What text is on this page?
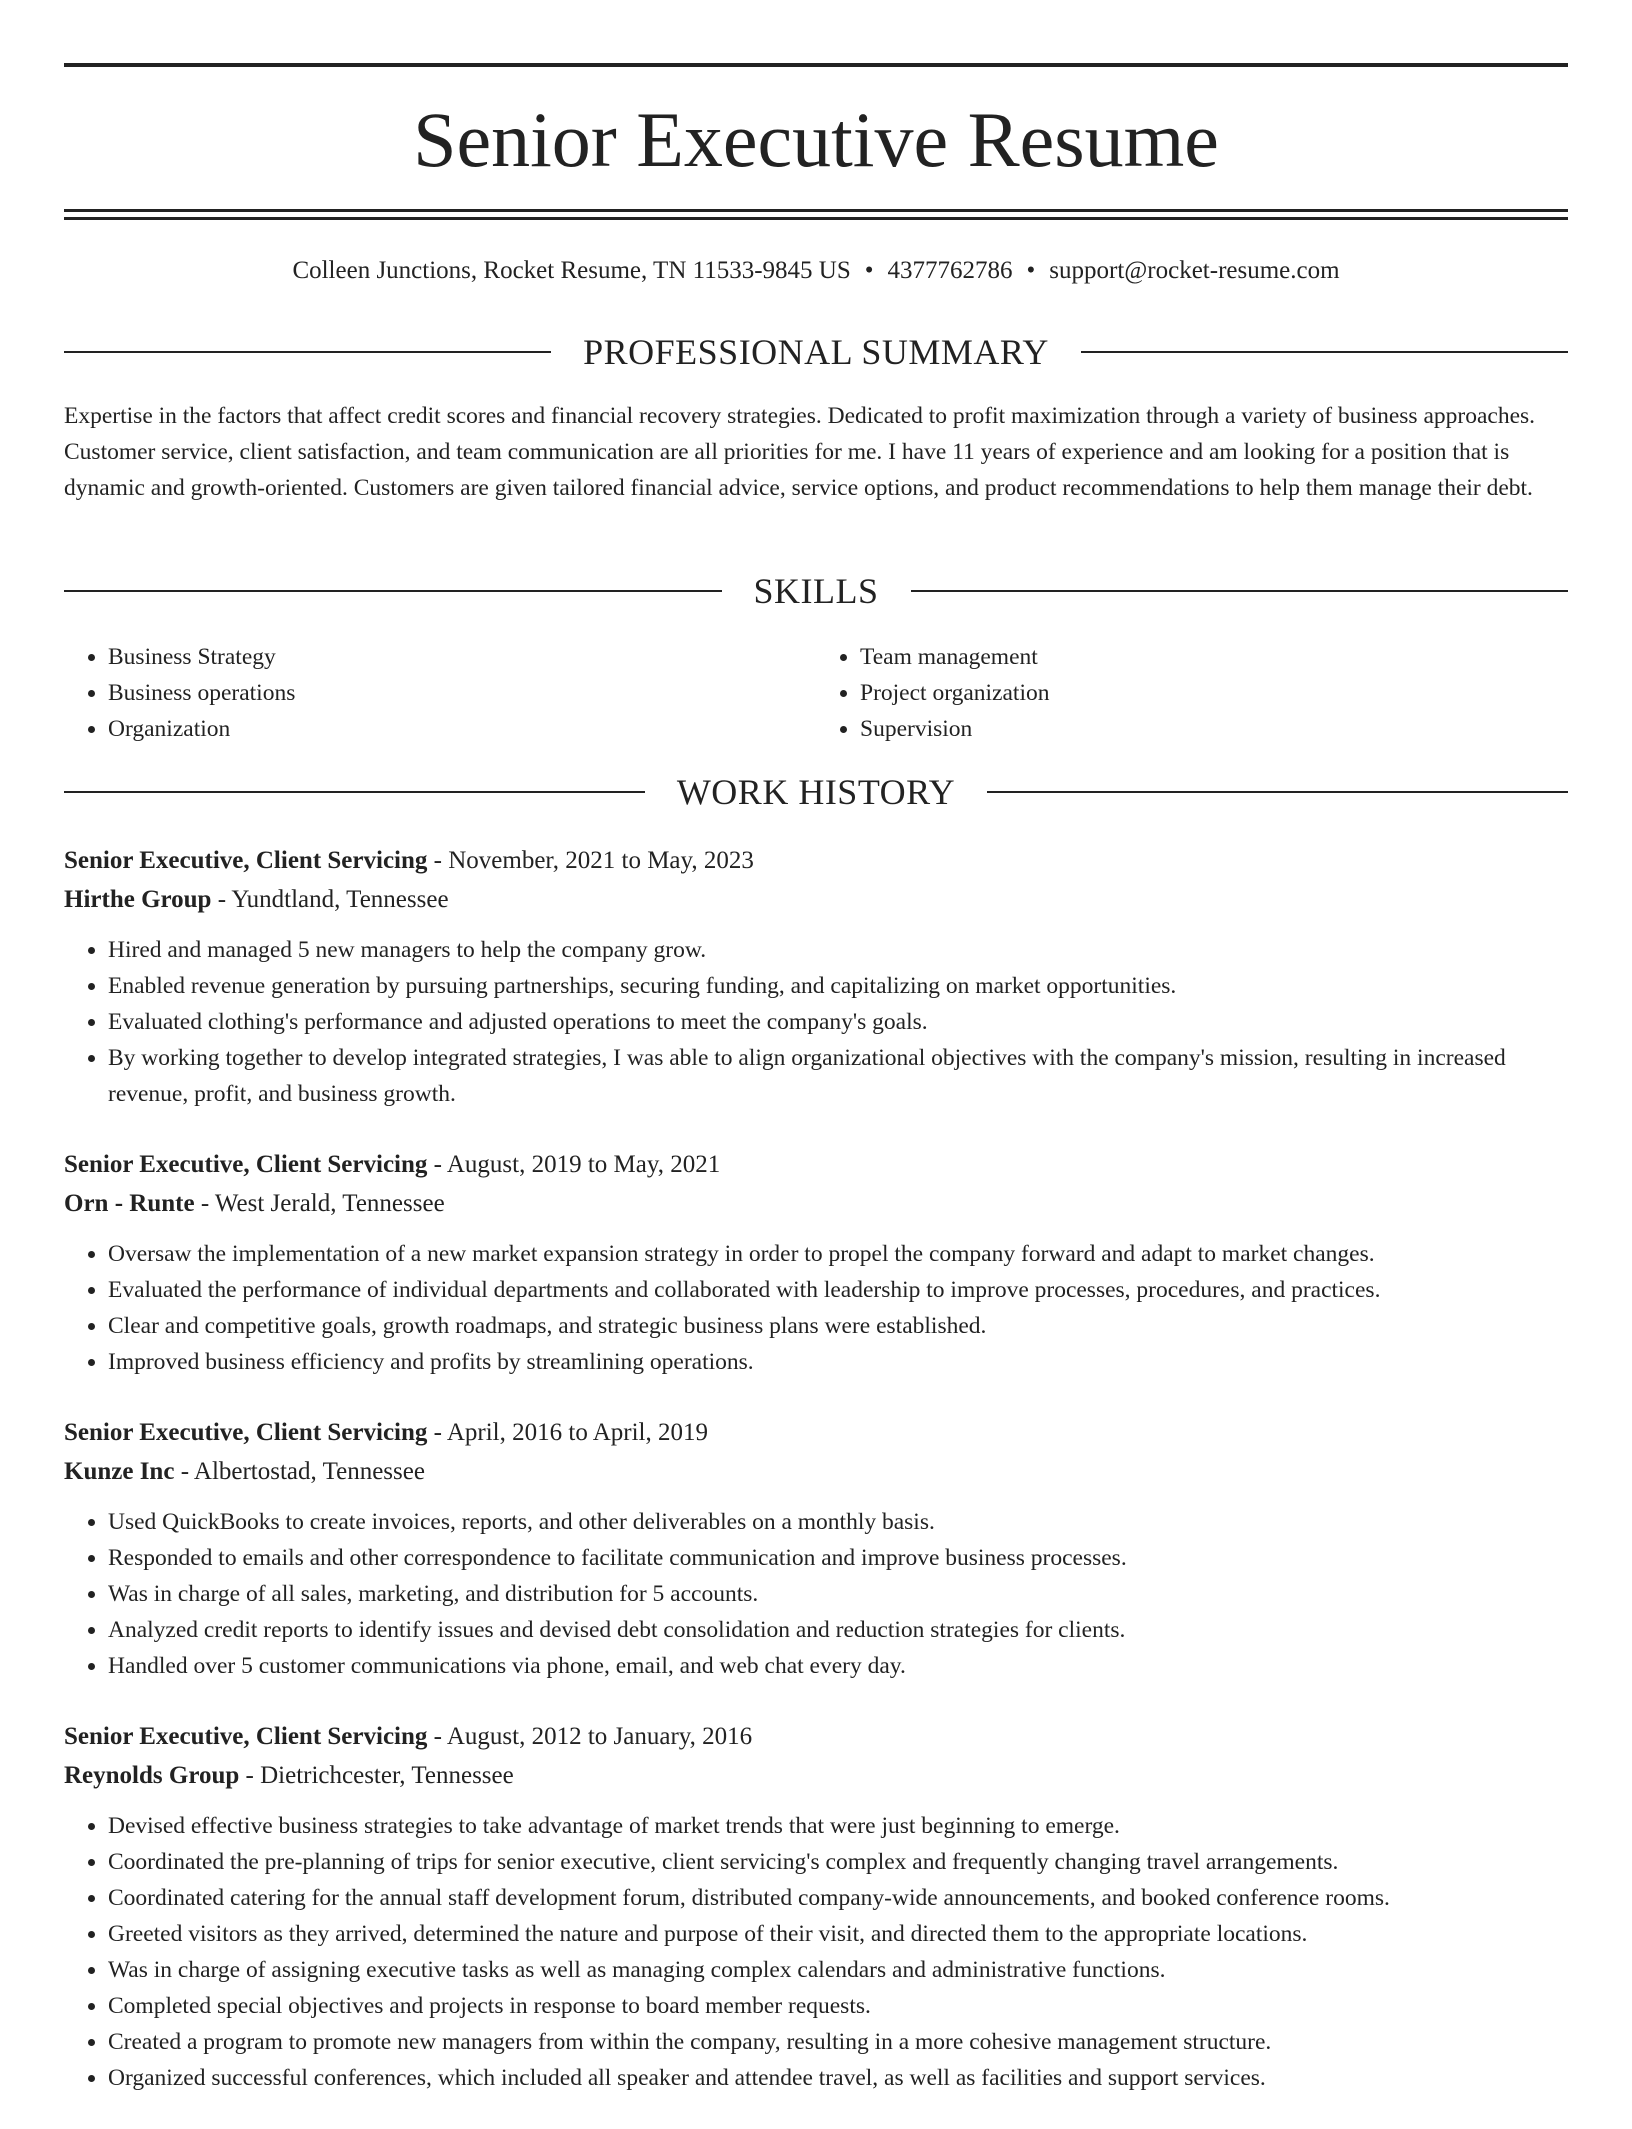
Senior Executive Resume
Colleen Junctions, Rocket Resume, TN 11533-9845 US • 4377762786 • support@rocket-resume.com
PROFESSIONAL SUMMARY

Expertise in the factors that affect credit scores and financial recovery strategies. Dedicated to profit maximization through a variety of business approaches. Customer service, client satisfaction, and team communication are all priorities for me. I have 11 years of experience and am looking for a position that is dynamic and growth-oriented. Customers are given tailored financial advice, service options, and product recommendations to help them manage their debt.

SKILLS
• Business Strategy
• Business operations
• Organization
• Team management
• Project organization
• Supervision
WORK HISTORY

Senior Executive, Client Servicing - November, 2021 to May, 2023

Hirthe Group - Yundtland, Tennessee

• Hired and managed 5 new managers to help the company grow.
• Enabled revenue generation by pursuing partnerships, securing funding, and capitalizing on market opportunities.
• Evaluated clothing's performance and adjusted operations to meet the company's goals.
• By working together to develop integrated strategies, I was able to align organizational objectives with the company's mission, resulting in increased revenue, profit, and business growth.

Senior Executive, Client Servicing - August, 2019 to May, 2021

Orn - Runte - West Jerald, Tennessee

• Oversaw the implementation of a new market expansion strategy in order to propel the company forward and adapt to market changes.
• Evaluated the performance of individual departments and collaborated with leadership to improve processes, procedures, and practices.
• Clear and competitive goals, growth roadmaps, and strategic business plans were established.
• Improved business efficiency and profits by streamlining operations.

Senior Executive, Client Servicing - April, 2016 to April, 2019

Kunze Inc - Albertostad, Tennessee

• Used QuickBooks to create invoices, reports, and other deliverables on a monthly basis.
• Responded to emails and other correspondence to facilitate communication and improve business processes.
• Was in charge of all sales, marketing, and distribution for 5 accounts.
• Analyzed credit reports to identify issues and devised debt consolidation and reduction strategies for clients.
• Handled over 5 customer communications via phone, email, and web chat every day.

Senior Executive, Client Servicing - August, 2012 to January, 2016

Reynolds Group - Dietrichcester, Tennessee

• Devised effective business strategies to take advantage of market trends that were just beginning to emerge.
• Coordinated the pre-planning of trips for senior executive, client servicing's complex and frequently changing travel arrangements.
• Coordinated catering for the annual staff development forum, distributed company-wide announcements, and booked conference rooms.
• Greeted visitors as they arrived, determined the nature and purpose of their visit, and directed them to the appropriate locations.
• Was in charge of assigning executive tasks as well as managing complex calendars and administrative functions.
• Completed special objectives and projects in response to board member requests.
• Created a program to promote new managers from within the company, resulting in a more cohesive management structure.
• Organized successful conferences, which included all speaker and attendee travel, as well as facilities and support services.
